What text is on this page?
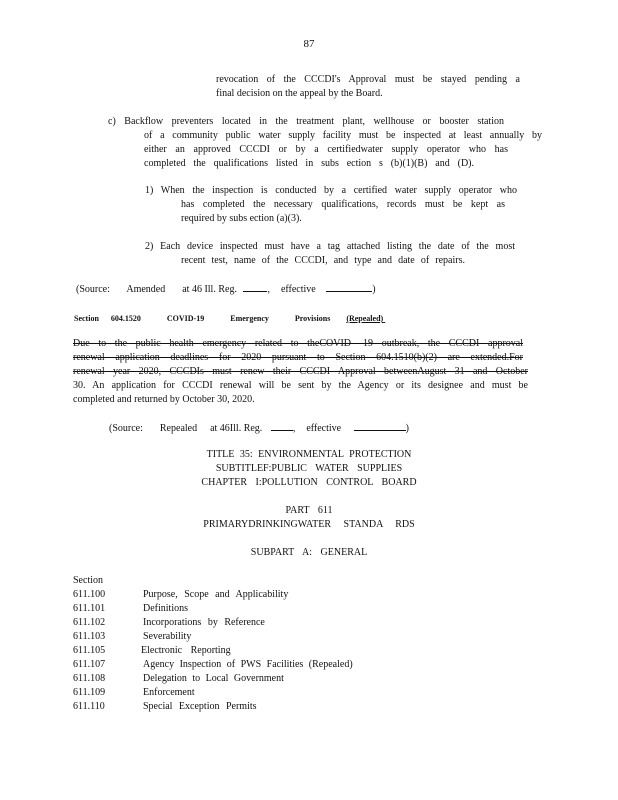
87
revocation of the CCCDI's Approval must be stayed pending a
final decision on the appeal by the Board.
c) Backflow preventers located in the treatment plant, wellhouse or booster station
of a community public water supply facility must be inspected at least annually by
either an approved CCCDI or by a certifiedwater supply operator who has
completed the qualifications listed in subs ection s (b)(1)(B) and (D).
1) When the inspection is conducted by a certified water supply operator who
has completed the necessary qualifications, records must be kept as
required by subs ection (a)(3).
2) Each device inspected must have a tag attached listing the date of the most
recent test, name of the CCCDI, and type and date of repairs.
(Source: Amended at 46 Ill. Reg.	, effective	)
Section 604.1520	COVID-19	Emergency	Provisions (Repealed)
Due to the public health emergency related to theCOVID- 19 outbreak, the CCCDI approval
renewal application deadlines for 2020 pursuant to Section 604.1510(b)(2) are extended.For
renewal year 2020, CCCDIs must renew their CCCDI Approval betweenAugust 31 and October
30. An application for CCCDI renewal will be sent by the Agency or its designee and must be
completed and returned by October 30, 2020.
(Source: Repealed at 46Ill. Reg.	, effective	)
TITLE 35: ENVIRONMENTAL PROTECTION
SUBTITLEF:PUBLIC WATER SUPPLIES
CHAPTER I:POLLUTION CONTROL BOARD
PART 611
PRIMARYDRINKINGWATER STANDA RDS
SUBPART A: GENERAL
Section
611.100	Purpose, Scope and Applicability
611.101	Definitions
611.102	Incorporations by Reference
611.103	Severability
611.105	Electronic Reporting
611.107	Agency Inspection of PWS Facilities (Repealed)
611.108	Delegation to Local Government
611.109	Enforcement
611.110	Special Exception Permits
